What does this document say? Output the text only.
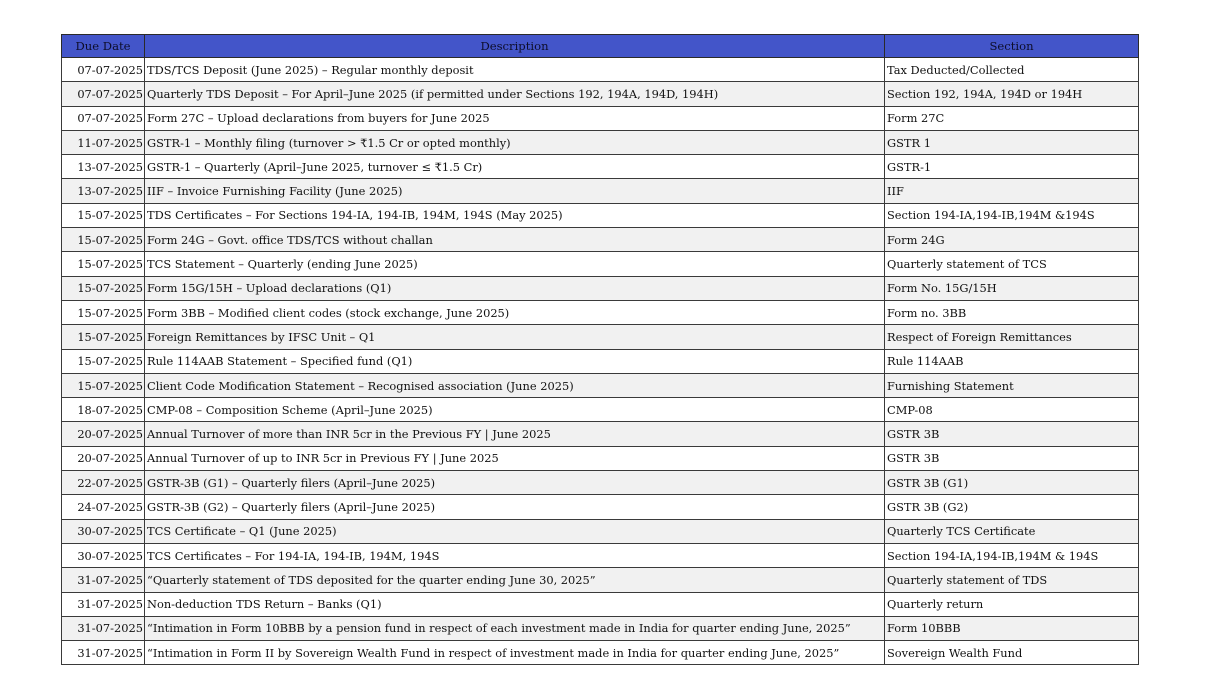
Due Date	Description	Section
07-07-2025	TDS/TCS Deposit (June 2025) – Regular monthly deposit	Tax Deducted/Collected
07-07-2025	Quarterly TDS Deposit – For April–June 2025 (if permitted under Sections 192, 194A, 194D, 194H)	Section 192, 194A, 194D or 194H
07-07-2025	Form 27C – Upload declarations from buyers for June 2025	Form 27C
11-07-2025	GSTR-1 – Monthly filing (turnover > ₹1.5 Cr or opted monthly)	GSTR 1
13-07-2025	GSTR-1 – Quarterly (April–June 2025, turnover ≤ ₹1.5 Cr)	GSTR-1
13-07-2025	IIF – Invoice Furnishing Facility (June 2025)	IIF
15-07-2025	TDS Certificates – For Sections 194-IA, 194-IB, 194M, 194S (May 2025)	Section 194-IA,194-IB,194M &194S
15-07-2025	Form 24G – Govt. office TDS/TCS without challan	Form 24G
15-07-2025	TCS Statement – Quarterly (ending June 2025)	Quarterly statement of TCS
15-07-2025	Form 15G/15H – Upload declarations (Q1)	Form No. 15G/15H
15-07-2025	Form 3BB – Modified client codes (stock exchange, June 2025)	Form no. 3BB
15-07-2025	Foreign Remittances by IFSC Unit – Q1	Respect of Foreign Remittances
15-07-2025	Rule 114AAB Statement – Specified fund (Q1)	Rule 114AAB
15-07-2025	Client Code Modification Statement – Recognised association (June 2025)	Furnishing Statement
18-07-2025	CMP-08 – Composition Scheme (April–June 2025)	CMP-08
20-07-2025	Annual Turnover of more than INR 5cr in the Previous FY | June 2025	GSTR 3B
20-07-2025	Annual Turnover of up to INR 5cr in Previous FY | June 2025	GSTR 3B
22-07-2025	GSTR-3B (G1) – Quarterly filers (April–June 2025)	GSTR 3B (G1)
24-07-2025	GSTR-3B (G2) – Quarterly filers (April–June 2025)	GSTR 3B (G2)
30-07-2025	TCS Certificate – Q1 (June 2025)	Quarterly TCS Certificate
30-07-2025	TCS Certificates – For 194-IA, 194-IB, 194M, 194S	Section 194-IA,194-IB,194M & 194S
31-07-2025	“Quarterly statement of TDS deposited for the quarter ending June 30, 2025”	Quarterly statement of TDS
31-07-2025	Non-deduction TDS Return – Banks (Q1)	Quarterly return
31-07-2025	“Intimation in Form 10BBB by a pension fund in respect of each investment made in India for quarter ending June, 2025”	Form 10BBB
31-07-2025	“Intimation in Form II by Sovereign Wealth Fund in respect of investment made in India for quarter ending June, 2025”	Sovereign Wealth Fund
